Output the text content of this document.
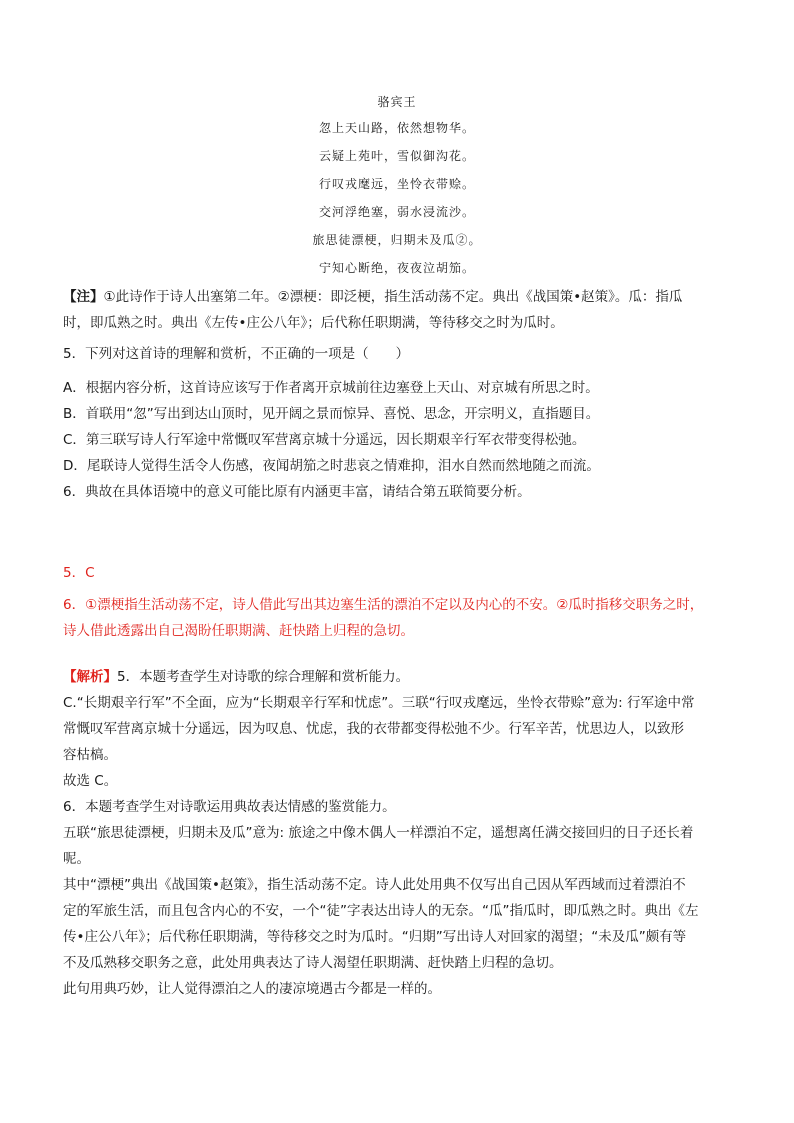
骆宾王
忽上天山路，依然想物华。
云疑上苑叶，雪似御沟花。
行叹戎麾远，坐怜衣带赊。
交河浮绝塞，弱水浸流沙。
旅思徒漂梗，归期未及瓜②。
宁知心断绝，夜夜泣胡笳。
【注】①此诗作于诗人出塞第二年。②漂梗：即泛梗，指生活动荡不定。典出《战国策•赵策》。瓜：指瓜
时，即瓜熟之时。典出《左传•庄公八年》；后代称任职期满，等待移交之时为瓜时。
5．下列对这首诗的理解和赏析，不正确的一项是（　　）
A．根据内容分析，这首诗应该写于作者离开京城前往边塞登上天山、对京城有所思之时。
B．首联用“忽”写出到达山顶时，见开阔之景而惊异、喜悦、思念，开宗明义，直指题目。
C．第三联写诗人行军途中常慨叹军营离京城十分遥远，因长期艰辛行军衣带变得松弛。
D．尾联诗人觉得生活令人伤感，夜闻胡笳之时悲哀之情难抑，泪水自然而然地随之而流。
6．典故在具体语境中的意义可能比原有内涵更丰富，请结合第五联简要分析。
5．C
6．①漂梗指生活动荡不定，诗人借此写出其边塞生活的漂泊不定以及内心的不安。②瓜时指移交职务之时，
诗人借此透露出自己渴盼任职期满、赶快踏上归程的急切。
【解析】5．本题考查学生对诗歌的综合理解和赏析能力。
C.“长期艰辛行军”不全面，应为“长期艰辛行军和忧虑”。三联“行叹戎麾远，坐怜衣带赊”意为: 行军途中常
常慨叹军营离京城十分遥远，因为叹息、忧虑，我的衣带都变得松弛不少。行军辛苦，忧思边人，以致形
容枯槁。
故选 C。
6．本题考查学生对诗歌运用典故表达情感的鉴赏能力。
五联“旅思徒漂梗，归期未及瓜”意为: 旅途之中像木偶人一样漂泊不定，遥想离任满交接回归的日子还长着
呢。
其中“漂梗”典出《战国策•赵策》，指生活动荡不定。诗人此处用典不仅写出自己因从军西域而过着漂泊不
定的军旅生活，而且包含内心的不安，一个“徒”字表达出诗人的无奈。“瓜”指瓜时，即瓜熟之时。典出《左
传•庄公八年》；后代称任职期满，等待移交之时为瓜时。“归期”写出诗人对回家的渴望；“未及瓜”颇有等
不及瓜熟移交职务之意，此处用典表达了诗人渴望任职期满、赶快踏上归程的急切。
此句用典巧妙，让人觉得漂泊之人的凄凉境遇古今都是一样的。
